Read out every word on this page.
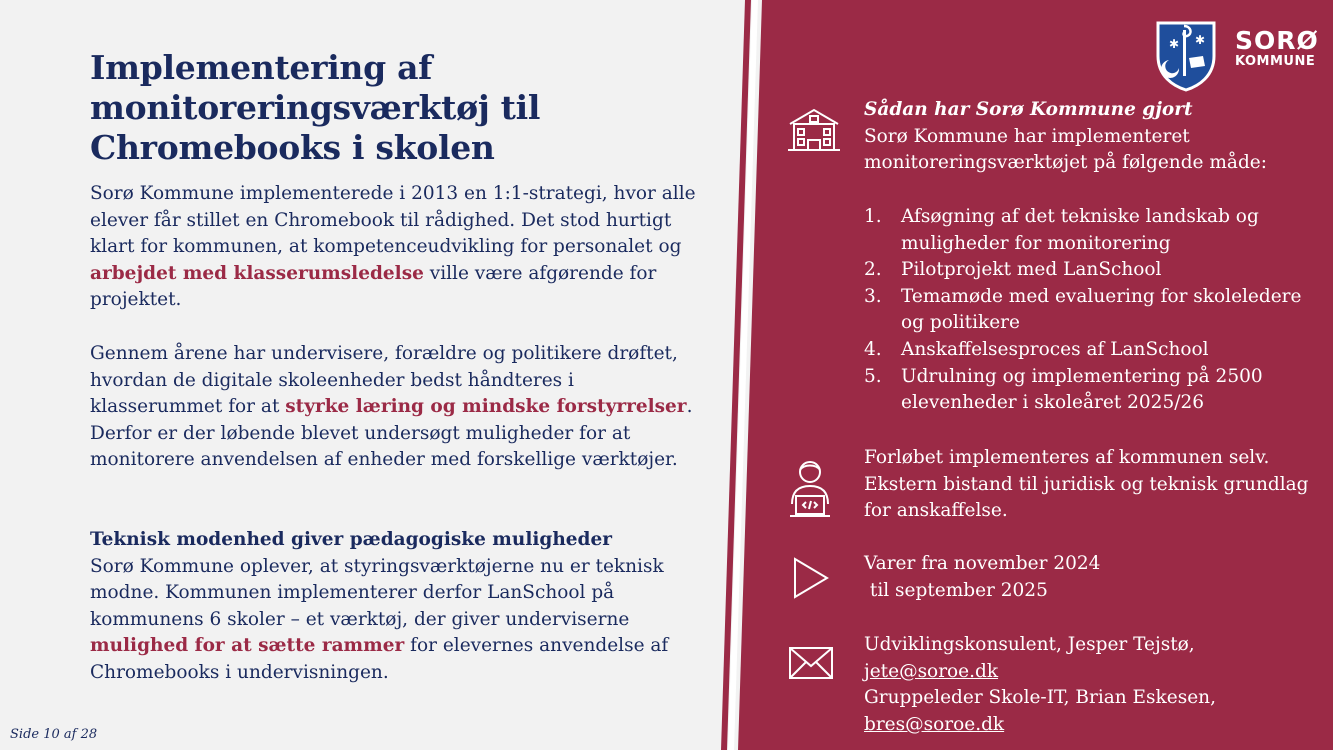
Implementering af monitoreringsværktøj til Chromebooks i skolen

Sorø Kommune implementerede i 2013 en 1:1-strategi, hvor alle elever får stillet en Chromebook til rådighed. Det stod hurtigt klart for kommunen, at kompetenceudvikling for personalet og arbejdet med klasserumsledelse ville være afgørende for projektet.

Gennem årene har undervisere, forældre og politikere drøftet, hvordan de digitale skoleenheder bedst håndteres i klasserummet for at styrke læring og mindske forstyrrelser. Derfor er der løbende blevet undersøgt muligheder for at monitorere anvendelsen af enheder med forskellige værktøjer.

Teknisk modenhed giver pædagogiske muligheder
Sorø Kommune oplever, at styringsværktøjerne nu er teknisk modne. Kommunen implementerer derfor LanSchool på kommunens 6 skoler – et værktøj, der giver underviserne mulighed for at sætte rammer for elevernes anvendelse af Chromebooks i undervisningen.

Side 10 af 28
✱ ✱ SORØ
KOMMUNE
Sådan har Sorø Kommune gjort
Sorø Kommune har implementeret monitoreringsværktøjet på følgende måde:
1. Afsøgning af det tekniske landskab og muligheder for monitorering
2. Pilotprojekt med LanSchool
3. Temamøde med evaluering for skoleledere og politikere
4. Anskaffelsesproces af LanSchool
5. Udrulning og implementering på 2500 elevenheder i skoleåret 2025/26
Forløbet implementeres af kommunen selv. Ekstern bistand til juridisk og teknisk grundlag for anskaffelse.
Varer fra november 2024
til september 2025
Udviklingskonsulent, Jesper Tejstø,
jete@soroe.dk
Gruppeleder Skole-IT, Brian Eskesen,
bres@soroe.dk
